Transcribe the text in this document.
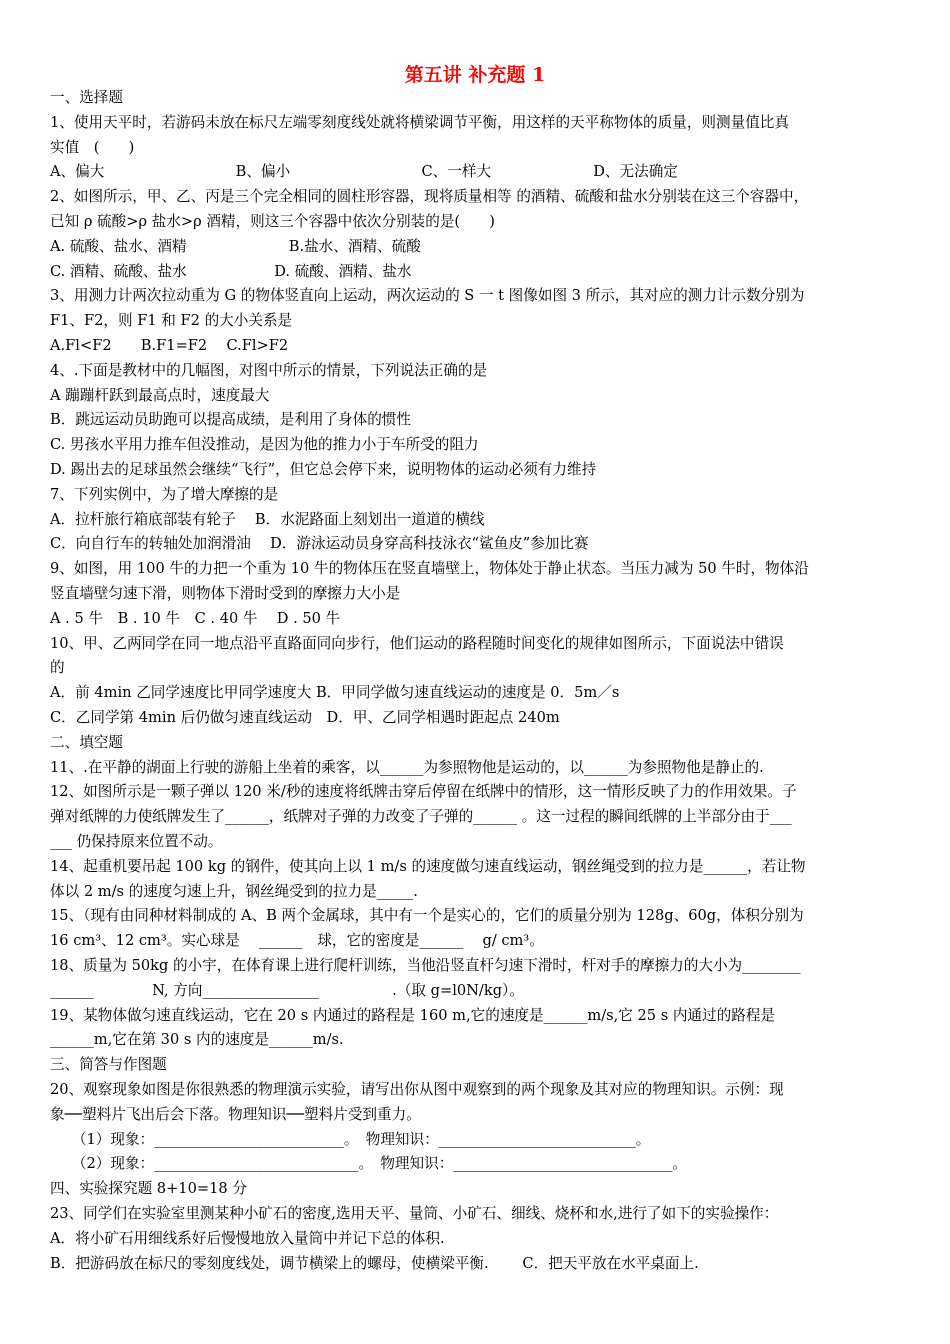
第五讲 补充题 1
一、选择题
1、使用天平时，若游码未放在标尺左端零刻度线处就将横梁调节平衡，用这样的天平称物体的质量，则测量值比真
实值　(　　)
A、偏大　　　　　　　　　B、偏小　　　　　　　　　C、一样大　　　　　　　D、无法确定
2、如图所示，甲、乙、丙是三个完全相同的圆柱形容器，现将质量相等 的酒精、硫酸和盐水分别装在这三个容器中，
已知 ρ 硫酸>ρ 盐水>ρ 酒精，则这三个容器中依次分别装的是(　　)
A. 硫酸、盐水、酒精　　　　　　　B.盐水、酒精、硫酸
C. 酒精、硫酸、盐水　　　　　　D. 硫酸、酒精、盐水
3、用测力计两次拉动重为 G 的物体竖直向上运动，两次运动的 S 一 t 图像如图 3 所示，其对应的测力计示数分别为
F1、F2，则 F1 和 F2 的大小关系是
A.Fl<F2　　B.F1=F2　 C.Fl>F2
4、.下面是教材中的几幅图，对图中所示的情景，下列说法正确的是
A 蹦蹦杆跃到最高点时，速度最大
B．跳远运动员助跑可以提高成绩，是利用了身体的惯性
C. 男孩水平用力推车但没推动，是因为他的推力小于车所受的阻力
D. 踢出去的足球虽然会继续“飞行”，但它总会停下来，说明物体的运动必须有力维持
7、下列实例中，为了增大摩擦的是
A．拉杆旅行箱底部装有轮子　 B．水泥路面上刻划出一道道的横线
C．向自行车的转轴处加润滑油　 D．游泳运动员身穿高科技泳衣“鲨鱼皮”参加比赛
9、如图，用 100 牛的力把一个重为 10 牛的物体压在竖直墙壁上，物体处于静止状态。当压力减为 50 牛时，物体沿
竖直墙壁匀速下滑，则物体下滑时受到的摩擦力大小是
A . 5 牛　B . 10 牛　C . 40 牛　 D . 50 牛
10、甲、乙两同学在同一地点沿平直路面同向步行，他们运动的路程随时间变化的规律如图所示，下面说法中错误
的
A．前 4min 乙同学速度比甲同学速度大 B．甲同学做匀速直线运动的速度是 0．5m／s
C．乙同学第 4min 后仍做匀速直线运动　D．甲、乙同学相遇时距起点 240m
二、填空题
11、.在平静的湖面上行驶的游船上坐着的乘客，以______为参照物他是运动的，以______为参照物他是静止的.
12、如图所示是一颗子弹以 120 米/秒的速度将纸牌击穿后停留在纸牌中的情形，这一情形反映了力的作用效果。子
弹对纸牌的力使纸牌发生了______，纸牌对子弹的力改变了子弹的______ 。这一过程的瞬间纸牌的上半部分由于___
___ 仍保持原来位置不动。
14、起重机要吊起 100 kg 的钢件，使其向上以 1 m/s 的速度做匀速直线运动，钢丝绳受到的拉力是______，若让物
体以 2 m/s 的速度匀速上升，钢丝绳受到的拉力是_____.
15、（现有由同种材料制成的 A、B 两个金属球，其中有一个是实心的，它们的质量分别为 128g、60g，体积分别为
16 cm³、12 cm³。实心球是　 ______　球，它的密度是______　 g/ cm³。
18、质量为 50kg 的小宇，在体育课上进行爬杆训练，当他沿竖直杆匀速下滑时，杆对手的摩擦力的大小为________
______　　　　N, 方向________________　　　　　.（取 g=l0N/kg）。
19、某物体做匀速直线运动，它在 20 s 内通过的路程是 160 m,它的速度是______m/s,它 25 s 内通过的路程是
______m,它在第 30 s 内的速度是______m/s.
三、简答与作图题
20、观察现象如图是你很熟悉的物理演示实验，请写出你从图中观察到的两个现象及其对应的物理知识。示例：现
象──塑料片飞出后会下落。物理知识──塑料片受到重力。
　　（1）现象：__________________________。　物理知识：___________________________。
　　（2）现象：____________________________。　物理知识：______________________________。
四、实验探究题 8+10=18 分
23、同学们在实验室里测某种小矿石的密度,选用天平、量筒、小矿石、细线、烧杯和水,进行了如下的实验操作：
A．将小矿石用细线系好后慢慢地放入量筒中并记下总的体积.
B．把游码放在标尺的零刻度线处，调节横梁上的螺母，使横梁平衡.　　 C．把天平放在水平桌面上.
